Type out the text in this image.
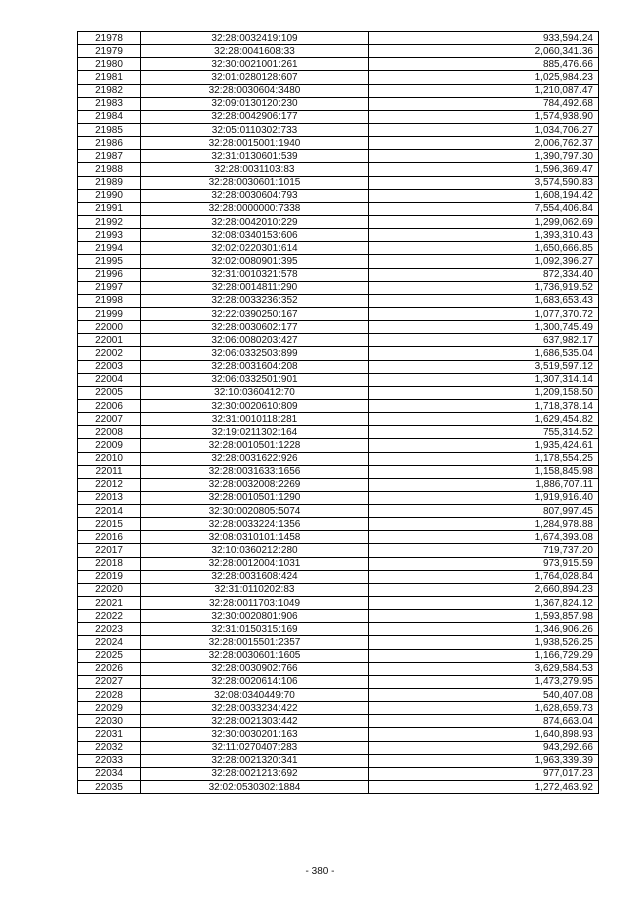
21978	32:28:0032419:109	933,594.24
21979	32:28:0041608:33	2,060,341.36
21980	32:30:0021001:261	885,476.66
21981	32:01:0280128:607	1,025,984.23
21982	32:28:0030604:3480	1,210,087.47
21983	32:09:0130120:230	784,492.68
21984	32:28:0042906:177	1,574,938.90
21985	32:05:0110302:733	1,034,706.27
21986	32:28:0015001:1940	2,006,762.37
21987	32:31:0130601:539	1,390,797.30
21988	32:28:0031103:83	1,596,369.47
21989	32:28:0030601:1015	3,574,590.83
21990	32:28:0030604:793	1,608,194.42
21991	32:28:0000000:7338	7,554,406.84
21992	32:28:0042010:229	1,299,062.69
21993	32:08:0340153:606	1,393,310.43
21994	32:02:0220301:614	1,650,666.85
21995	32:02:0080901:395	1,092,396.27
21996	32:31:0010321:578	872,334.40
21997	32:28:0014811:290	1,736,919.52
21998	32:28:0033236:352	1,683,653.43
21999	32:22:0390250:167	1,077,370.72
22000	32:28:0030602:177	1,300,745.49
22001	32:06:0080203:427	637,982.17
22002	32:06:0332503:899	1,686,535.04
22003	32:28:0031604:208	3,519,597.12
22004	32:06:0332501:901	1,307,314.14
22005	32:10:0360412:70	1,209,158.50
22006	32:30:0020610:809	1,718,378.14
22007	32:31:0010118:281	1,629,454.82
22008	32:19:0211302:164	755,314.52
22009	32:28:0010501:1228	1,935,424.61
22010	32:28:0031622:926	1,178,554.25
22011	32:28:0031633:1656	1,158,845.98
22012	32:28:0032008:2269	1,886,707.11
22013	32:28:0010501:1290	1,919,916.40
22014	32:30:0020805:5074	807,997.45
22015	32:28:0033224:1356	1,284,978.88
22016	32:08:0310101:1458	1,674,393.08
22017	32:10:0360212:280	719,737.20
22018	32:28:0012004:1031	973,915.59
22019	32:28:0031608:424	1,764,028.84
22020	32:31:0110202:83	2,660,894.23
22021	32:28:0011703:1049	1,367,824.12
22022	32:30:0020801:906	1,593,857.98
22023	32:31:0150315:169	1,346,906.26
22024	32:28:0015501:2357	1,938,526.25
22025	32:28:0030601:1605	1,166,729.29
22026	32:28:0030902:766	3,629,584.53
22027	32:28:0020614:106	1,473,279.95
22028	32:08:0340449:70	540,407.08
22029	32:28:0033234:422	1,628,659.73
22030	32:28:0021303:442	874,663.04
22031	32:30:0030201:163	1,640,898.93
22032	32:11:0270407:283	943,292.66
22033	32:28:0021320:341	1,963,339.39
22034	32:28:0021213:692	977,017.23
22035	32:02:0530302:1884	1,272,463.92
- 380 -
